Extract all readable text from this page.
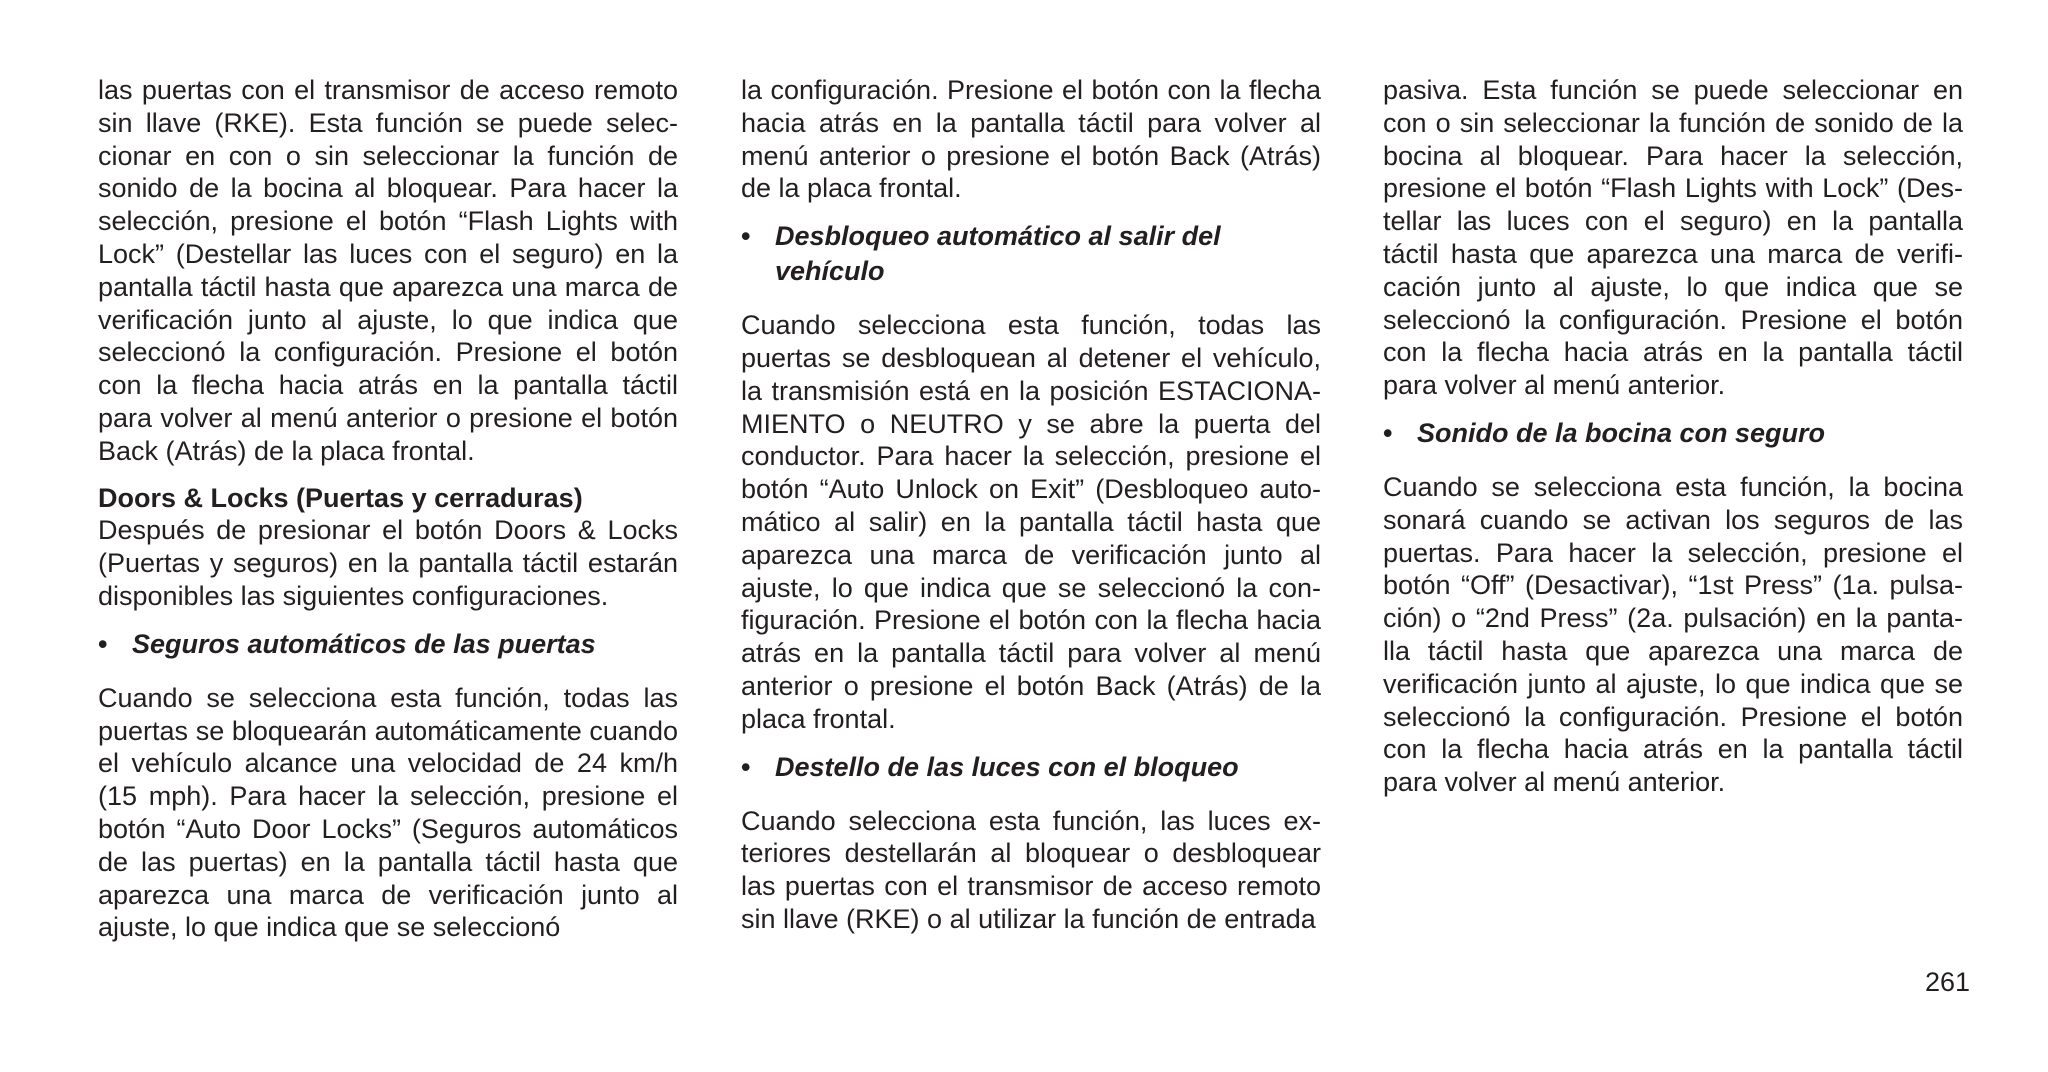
las puertas con el transmisor de acceso remoto sin llave (RKE). Esta función se puede seleccionar en con o sin seleccionar la función de sonido de la bocina al bloquear. Para hacer la selección, presione el botón “Flash Lights with Lock” (Destellar las luces con el seguro) en la pantalla táctil hasta que aparezca una marca de verificación junto al ajuste, lo que indica que seleccionó la configuración. Presione el botón con la flecha hacia atrás en la pantalla táctil para volver al menú anterior o presione el botón Back (Atrás) de la placa frontal.

Doors & Locks (Puertas y cerraduras)

Después de presionar el botón Doors & Locks (Puertas y seguros) en la pantalla táctil estarán disponibles las siguientes configuraciones.

• Seguros automáticos de las puertas

Cuando se selecciona esta función, todas las puertas se bloquearán automáticamente cuando el vehículo alcance una velocidad de 24 km/h (15 mph). Para hacer la selección, presione el botón “Auto Door Locks” (Seguros automáticos de las puertas) en la pantalla táctil hasta que aparezca una marca de verificación junto al ajuste, lo que indica que se seleccionó

la configuración. Presione el botón con la flecha hacia atrás en la pantalla táctil para volver al menú anterior o presione el botón Back (Atrás) de la placa frontal.

• Desbloqueo automático al salir del vehículo

Cuando selecciona esta función, todas las puertas se desbloquean al detener el vehículo, la transmisión está en la posición ESTACIONAMIENTO o NEUTRO y se abre la puerta del conductor. Para hacer la selección, presione el botón “Auto Unlock on Exit” (Desbloqueo automático al salir) en la pantalla táctil hasta que aparezca una marca de verificación junto al ajuste, lo que indica que se seleccionó la configuración. Presione el botón con la flecha hacia atrás en la pantalla táctil para volver al menú anterior o presione el botón Back (Atrás) de la placa frontal.

• Destello de las luces con el bloqueo

Cuando selecciona esta función, las luces exteriores destellarán al bloquear o desbloquear las puertas con el transmisor de acceso remoto sin llave (RKE) o al utilizar la función de entrada

pasiva. Esta función se puede seleccionar en con o sin seleccionar la función de sonido de la bocina al bloquear. Para hacer la selección, presione el botón “Flash Lights with Lock” (Destellar las luces con el seguro) en la pantalla táctil hasta que aparezca una marca de verificación junto al ajuste, lo que indica que se seleccionó la configuración. Presione el botón con la flecha hacia atrás en la pantalla táctil para volver al menú anterior.

• Sonido de la bocina con seguro

Cuando se selecciona esta función, la bocina sonará cuando se activan los seguros de las puertas. Para hacer la selección, presione el botón “Off” (Desactivar), “1st Press” (1a. pulsación) o “2nd Press” (2a. pulsación) en la pantalla táctil hasta que aparezca una marca de verificación junto al ajuste, lo que indica que se seleccionó la configuración. Presione el botón con la flecha hacia atrás en la pantalla táctil para volver al menú anterior.

261
